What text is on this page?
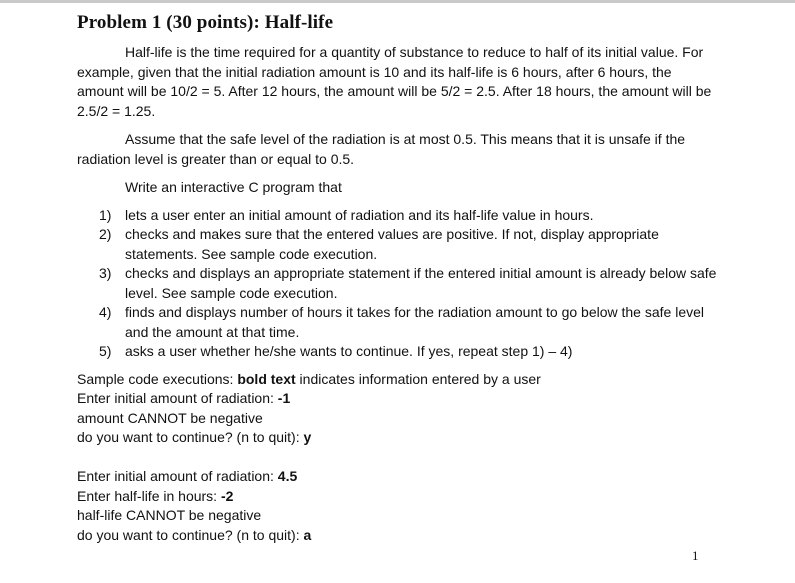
Problem 1 (30 points): Half-life

Half-life is the time required for a quantity of substance to reduce to half of its initial value. For example, given that the initial radiation amount is 10 and its half-life is 6 hours, after 6 hours, the amount will be 10/2 = 5. After 12 hours, the amount will be 5/2 = 2.5. After 18 hours, the amount will be 2.5/2 = 1.25.

Assume that the safe level of the radiation is at most 0.5. This means that it is unsafe if the radiation level is greater than or equal to 0.5.

Write an interactive C program that

1) lets a user enter an initial amount of radiation and its half-life value in hours.
2) checks and makes sure that the entered values are positive. If not, display appropriate statements. See sample code execution.
3) checks and displays an appropriate statement if the entered initial amount is already below safe level. See sample code execution.
4) finds and displays number of hours it takes for the radiation amount to go below the safe level and the amount at that time.
5) asks a user whether he/she wants to continue. If yes, repeat step 1) – 4)

Sample code executions: bold text indicates information entered by a user

Enter initial amount of radiation: -1

amount CANNOT be negative

do you want to continue? (n to quit): y

Enter initial amount of radiation: 4.5

Enter half-life in hours: -2

half-life CANNOT be negative

do you want to continue? (n to quit): a

1
